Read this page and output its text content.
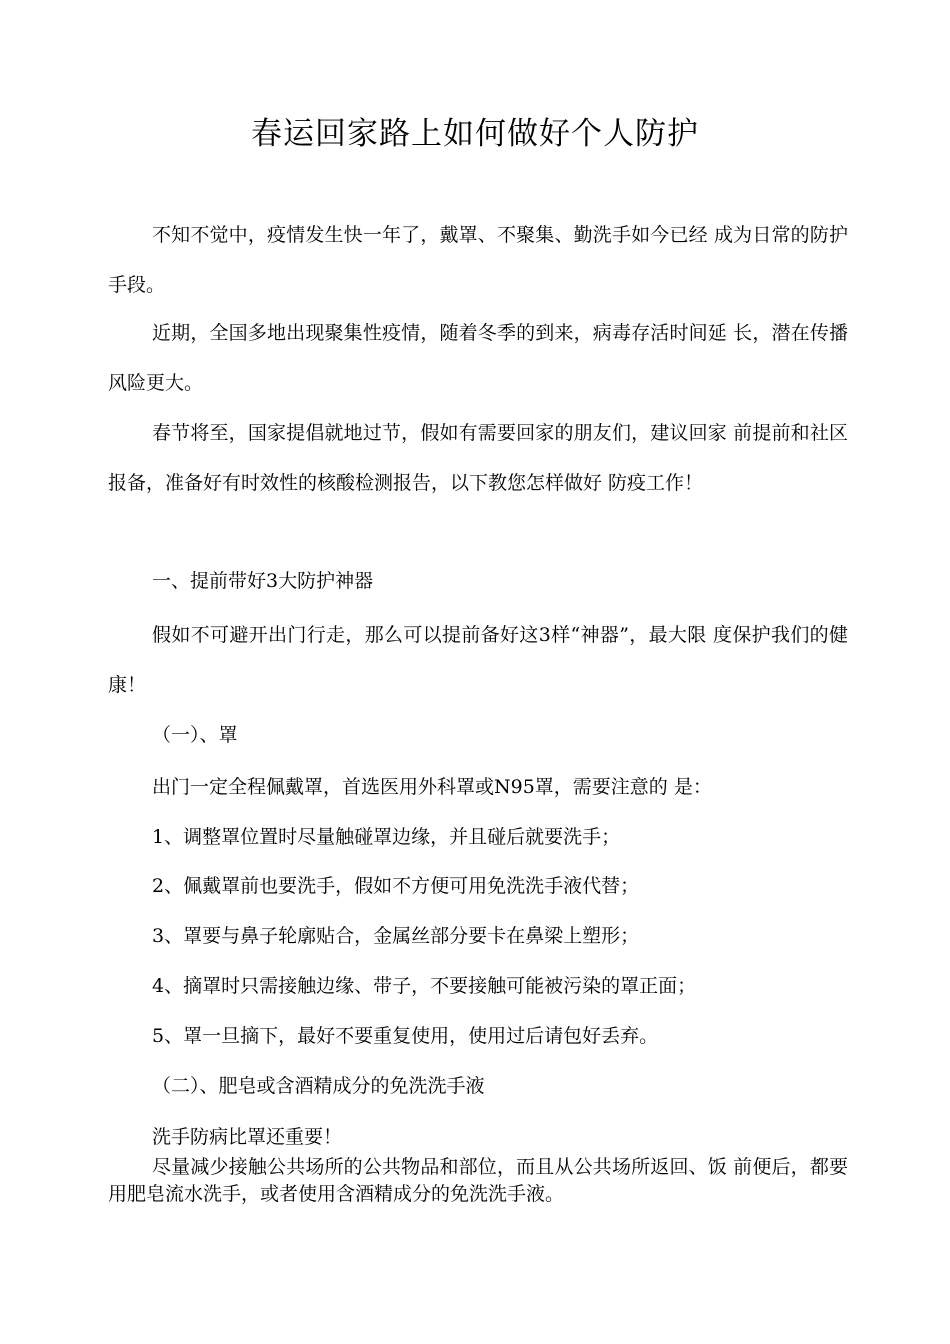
春运回家路上如何做好个人防护

不知不觉中，疫情发生快一年了，戴罩、不聚集、勤洗手如今已经 成为日常的防护手段。

近期，全国多地出现聚集性疫情，随着冬季的到来，病毒存活时间延 长，潜在传播风险更大。

春节将至，国家提倡就地过节，假如有需要回家的朋友们，建议回家 前提前和社区报备，准备好有时效性的核酸检测报告，以下教您怎样做好 防疫工作！

一、提前带好3大防护神器

假如不可避开出门行走，那么可以提前备好这3样“神器”，最大限 度保护我们的健康！

（一）、罩

出门一定全程佩戴罩，首选医用外科罩或N95罩，需要注意的 是：

1、调整罩位置时尽量触碰罩边缘，并且碰后就要洗手；

2、佩戴罩前也要洗手，假如不方便可用免洗洗手液代替；

3、罩要与鼻子轮廓贴合，金属丝部分要卡在鼻梁上塑形；

4、摘罩时只需接触边缘、带子，不要接触可能被污染的罩正面；

5、罩一旦摘下，最好不要重复使用，使用过后请包好丢弃。

（二）、肥皂或含酒精成分的免洗洗手液

洗手防病比罩还重要！

尽量减少接触公共场所的公共物品和部位，而且从公共场所返回、饭 前便后，都要用肥皂流水洗手，或者使用含酒精成分的免洗洗手液。
